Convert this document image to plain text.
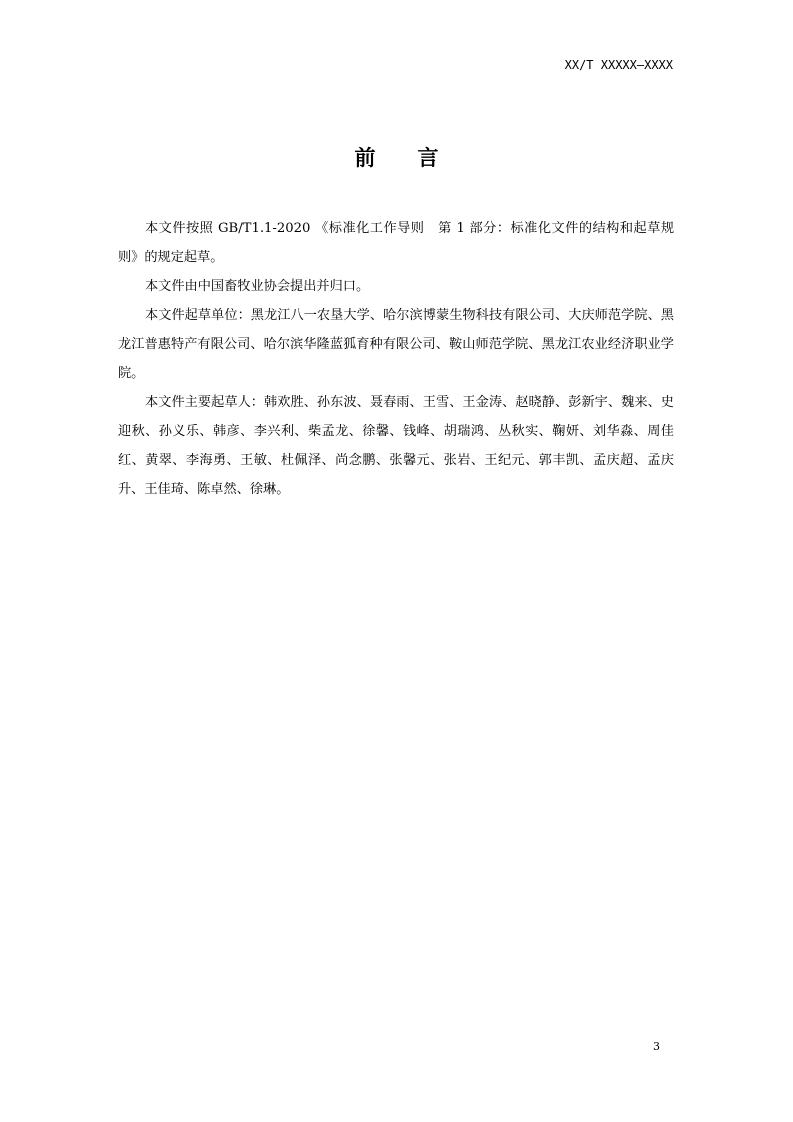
XX/T XXXXX—XXXX
前 言

本文件按照 GB/T1.1-2020 《标准化工作导则　第 1 部分：标准化文件的结构和起草规则》的规定起草。

本文件由中国畜牧业协会提出并归口。

本文件起草单位：黑龙江八一农垦大学、哈尔滨博蒙生物科技有限公司、大庆师范学院、黑龙江普惠特产有限公司、哈尔滨华隆蓝狐育种有限公司、鞍山师范学院、黑龙江农业经济职业学院。

本文件主要起草人：韩欢胜、孙东波、聂春雨、王雪、王金涛、赵晓静、彭新宇、魏来、史迎秋、孙义乐、韩彦、李兴利、柴孟龙、徐馨、钱峰、胡瑞鸿、丛秋实、鞠妍、刘华淼、周佳红、黄翠、李海勇、王敏、杜佩泽、尚念鹏、张馨元、张岩、王纪元、郭丰凯、孟庆超、孟庆升、王佳琦、陈卓然、徐琳。

3
